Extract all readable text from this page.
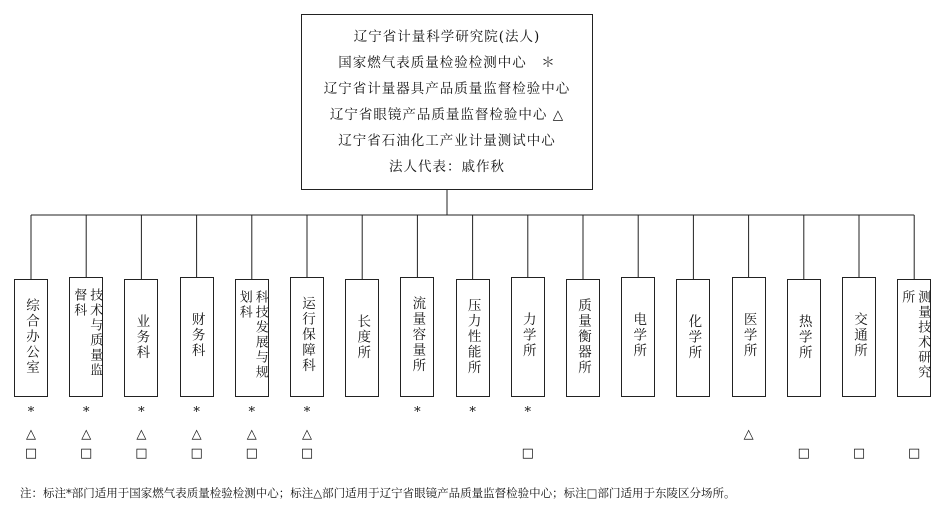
辽宁省计量科学研究院(法人)
国家燃气表质量检验检测中心　＊
辽宁省计量器具产品质量监督检验中心
辽宁省眼镜产品质量监督检验中心 △
辽宁省石油化工产业计量测试中心
法人代表：戚作秋
综合办公室
*
△
□
技术与质量监督科
*
△
□
业务科
*
△
□
财务科
*
△
□
科技发展与规划科
*
△
□
运行保障科
*
△
□
长度所	流量容量所
*
压力性能所
*
力学所
*
□
质量衡器所	电学所	化学所	医学所
△
热学所
□
交通所
□
测量技术研究所
□
注：标注*部门适用于国家燃气表质量检验检测中心；标注△部门适用于辽宁省眼镜产品质量监督检验中心；标注□部门适用于东陵区分场所。
